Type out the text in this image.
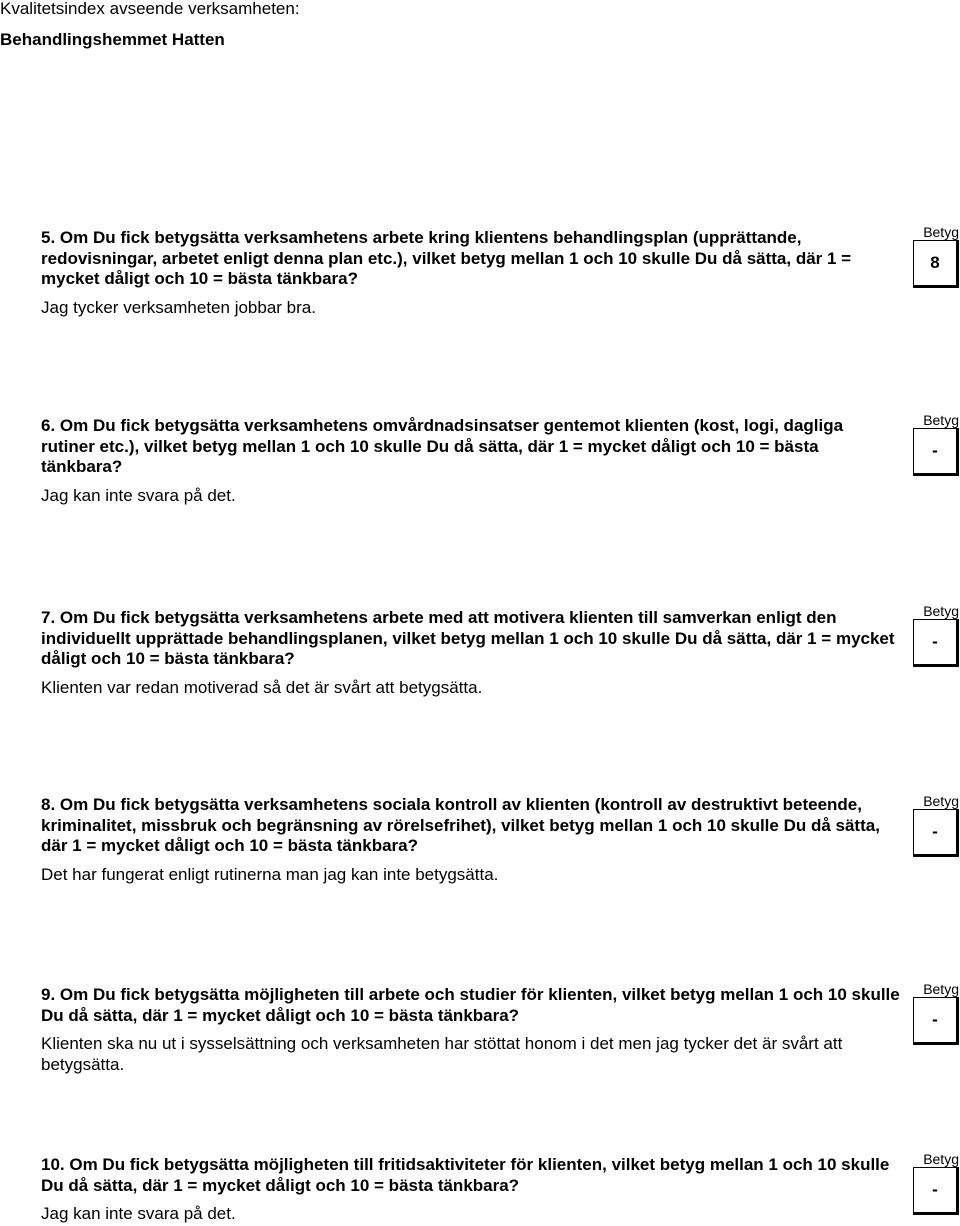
Kvalitetsindex avseende verksamheten:
Behandlingshemmet Hatten

5. Om Du fick betygsätta verksamhetens arbete kring klientens behandlingsplan (upprättande, redovisningar, arbetet enligt denna plan etc.), vilket betyg mellan 1 och 10 skulle Du då sätta, där 1 = mycket dåligt och 10 = bästa tänkbara?

Jag tycker verksamheten jobbar bra.

Betyg
8

6. Om Du fick betygsätta verksamhetens omvårdnadsinsatser gentemot klienten (kost, logi, dagliga rutiner etc.), vilket betyg mellan 1 och 10 skulle Du då sätta, där 1 = mycket dåligt och 10 = bästa tänkbara?

Jag kan inte svara på det.

Betyg
-

7. Om Du fick betygsätta verksamhetens arbete med att motivera klienten till samverkan enligt den individuellt upprättade behandlingsplanen, vilket betyg mellan 1 och 10 skulle Du då sätta, där 1 = mycket dåligt och 10 = bästa tänkbara?

Klienten var redan motiverad så det är svårt att betygsätta.

Betyg
-

8. Om Du fick betygsätta verksamhetens sociala kontroll av klienten (kontroll av destruktivt beteende, kriminalitet, missbruk och begränsning av rörelsefrihet), vilket betyg mellan 1 och 10 skulle Du då sätta, där 1 = mycket dåligt och 10 = bästa tänkbara?

Det har fungerat enligt rutinerna man jag kan inte betygsätta.

Betyg
-

9. Om Du fick betygsätta möjligheten till arbete och studier för klienten, vilket betyg mellan 1 och 10 skulle Du då sätta, där 1 = mycket dåligt och 10 = bästa tänkbara?

Klienten ska nu ut i sysselsättning och verksamheten har stöttat honom i det men jag tycker det är svårt att betygsätta.

Betyg
-

10. Om Du fick betygsätta möjligheten till fritidsaktiviteter för klienten, vilket betyg mellan 1 och 10 skulle Du då sätta, där 1 = mycket dåligt och 10 = bästa tänkbara?

Jag kan inte svara på det.

Betyg
-
